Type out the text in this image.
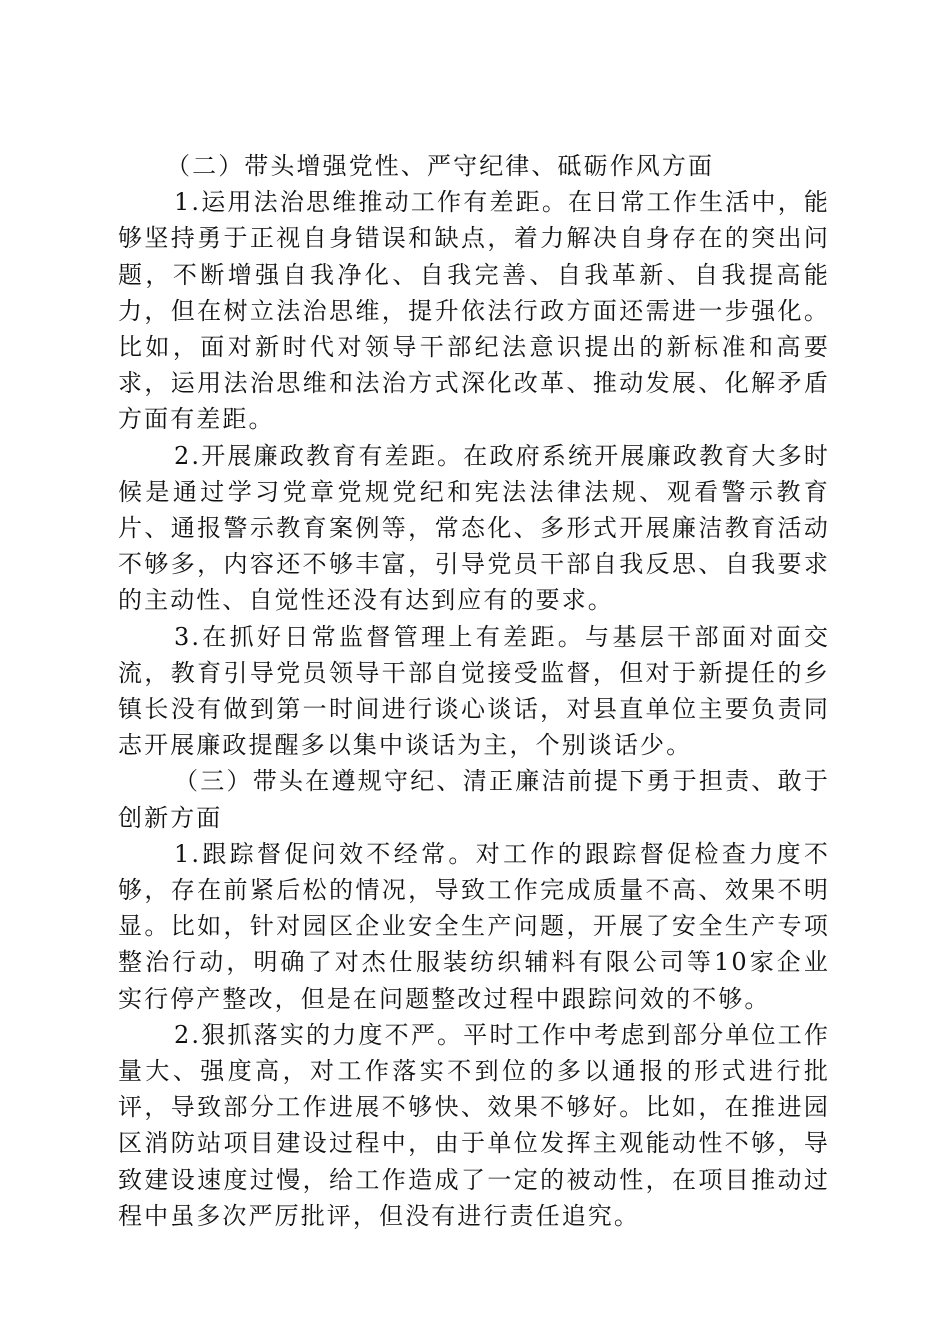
（二）带头增强党性、严守纪律、砥砺作风方面

1.运用法治思维推动工作有差距。在日常工作生活中，能够坚持勇于正视自身错误和缺点，着力解决自身存在的突出问题，不断增强自我净化、自我完善、自我革新、自我提高能力，但在树立法治思维，提升依法行政方面还需进一步强化。比如，面对新时代对领导干部纪法意识提出的新标准和高要求，运用法治思维和法治方式深化改革、推动发展、化解矛盾方面有差距。

2.开展廉政教育有差距。在政府系统开展廉政教育大多时候是通过学习党章党规党纪和宪法法律法规、观看警示教育片、通报警示教育案例等，常态化、多形式开展廉洁教育活动不够多，内容还不够丰富，引导党员干部自我反思、自我要求的主动性、自觉性还没有达到应有的要求。

3.在抓好日常监督管理上有差距。与基层干部面对面交流，教育引导党员领导干部自觉接受监督，但对于新提任的乡镇长没有做到第一时间进行谈心谈话，对县直单位主要负责同志开展廉政提醒多以集中谈话为主，个别谈话少。

（三）带头在遵规守纪、清正廉洁前提下勇于担责、敢于创新方面

1.跟踪督促问效不经常。对工作的跟踪督促检查力度不够，存在前紧后松的情况，导致工作完成质量不高、效果不明显。比如，针对园区企业安全生产问题，开展了安全生产专项整治行动，明确了对杰仕服装纺织辅料有限公司等10家企业实行停产整改，但是在问题整改过程中跟踪问效的不够。

2.狠抓落实的力度不严。平时工作中考虑到部分单位工作量大、强度高，对工作落实不到位的多以通报的形式进行批评，导致部分工作进展不够快、效果不够好。比如，在推进园区消防站项目建设过程中，由于单位发挥主观能动性不够，导致建设速度过慢，给工作造成了一定的被动性，在项目推动过程中虽多次严厉批评，但没有进行责任追究。
